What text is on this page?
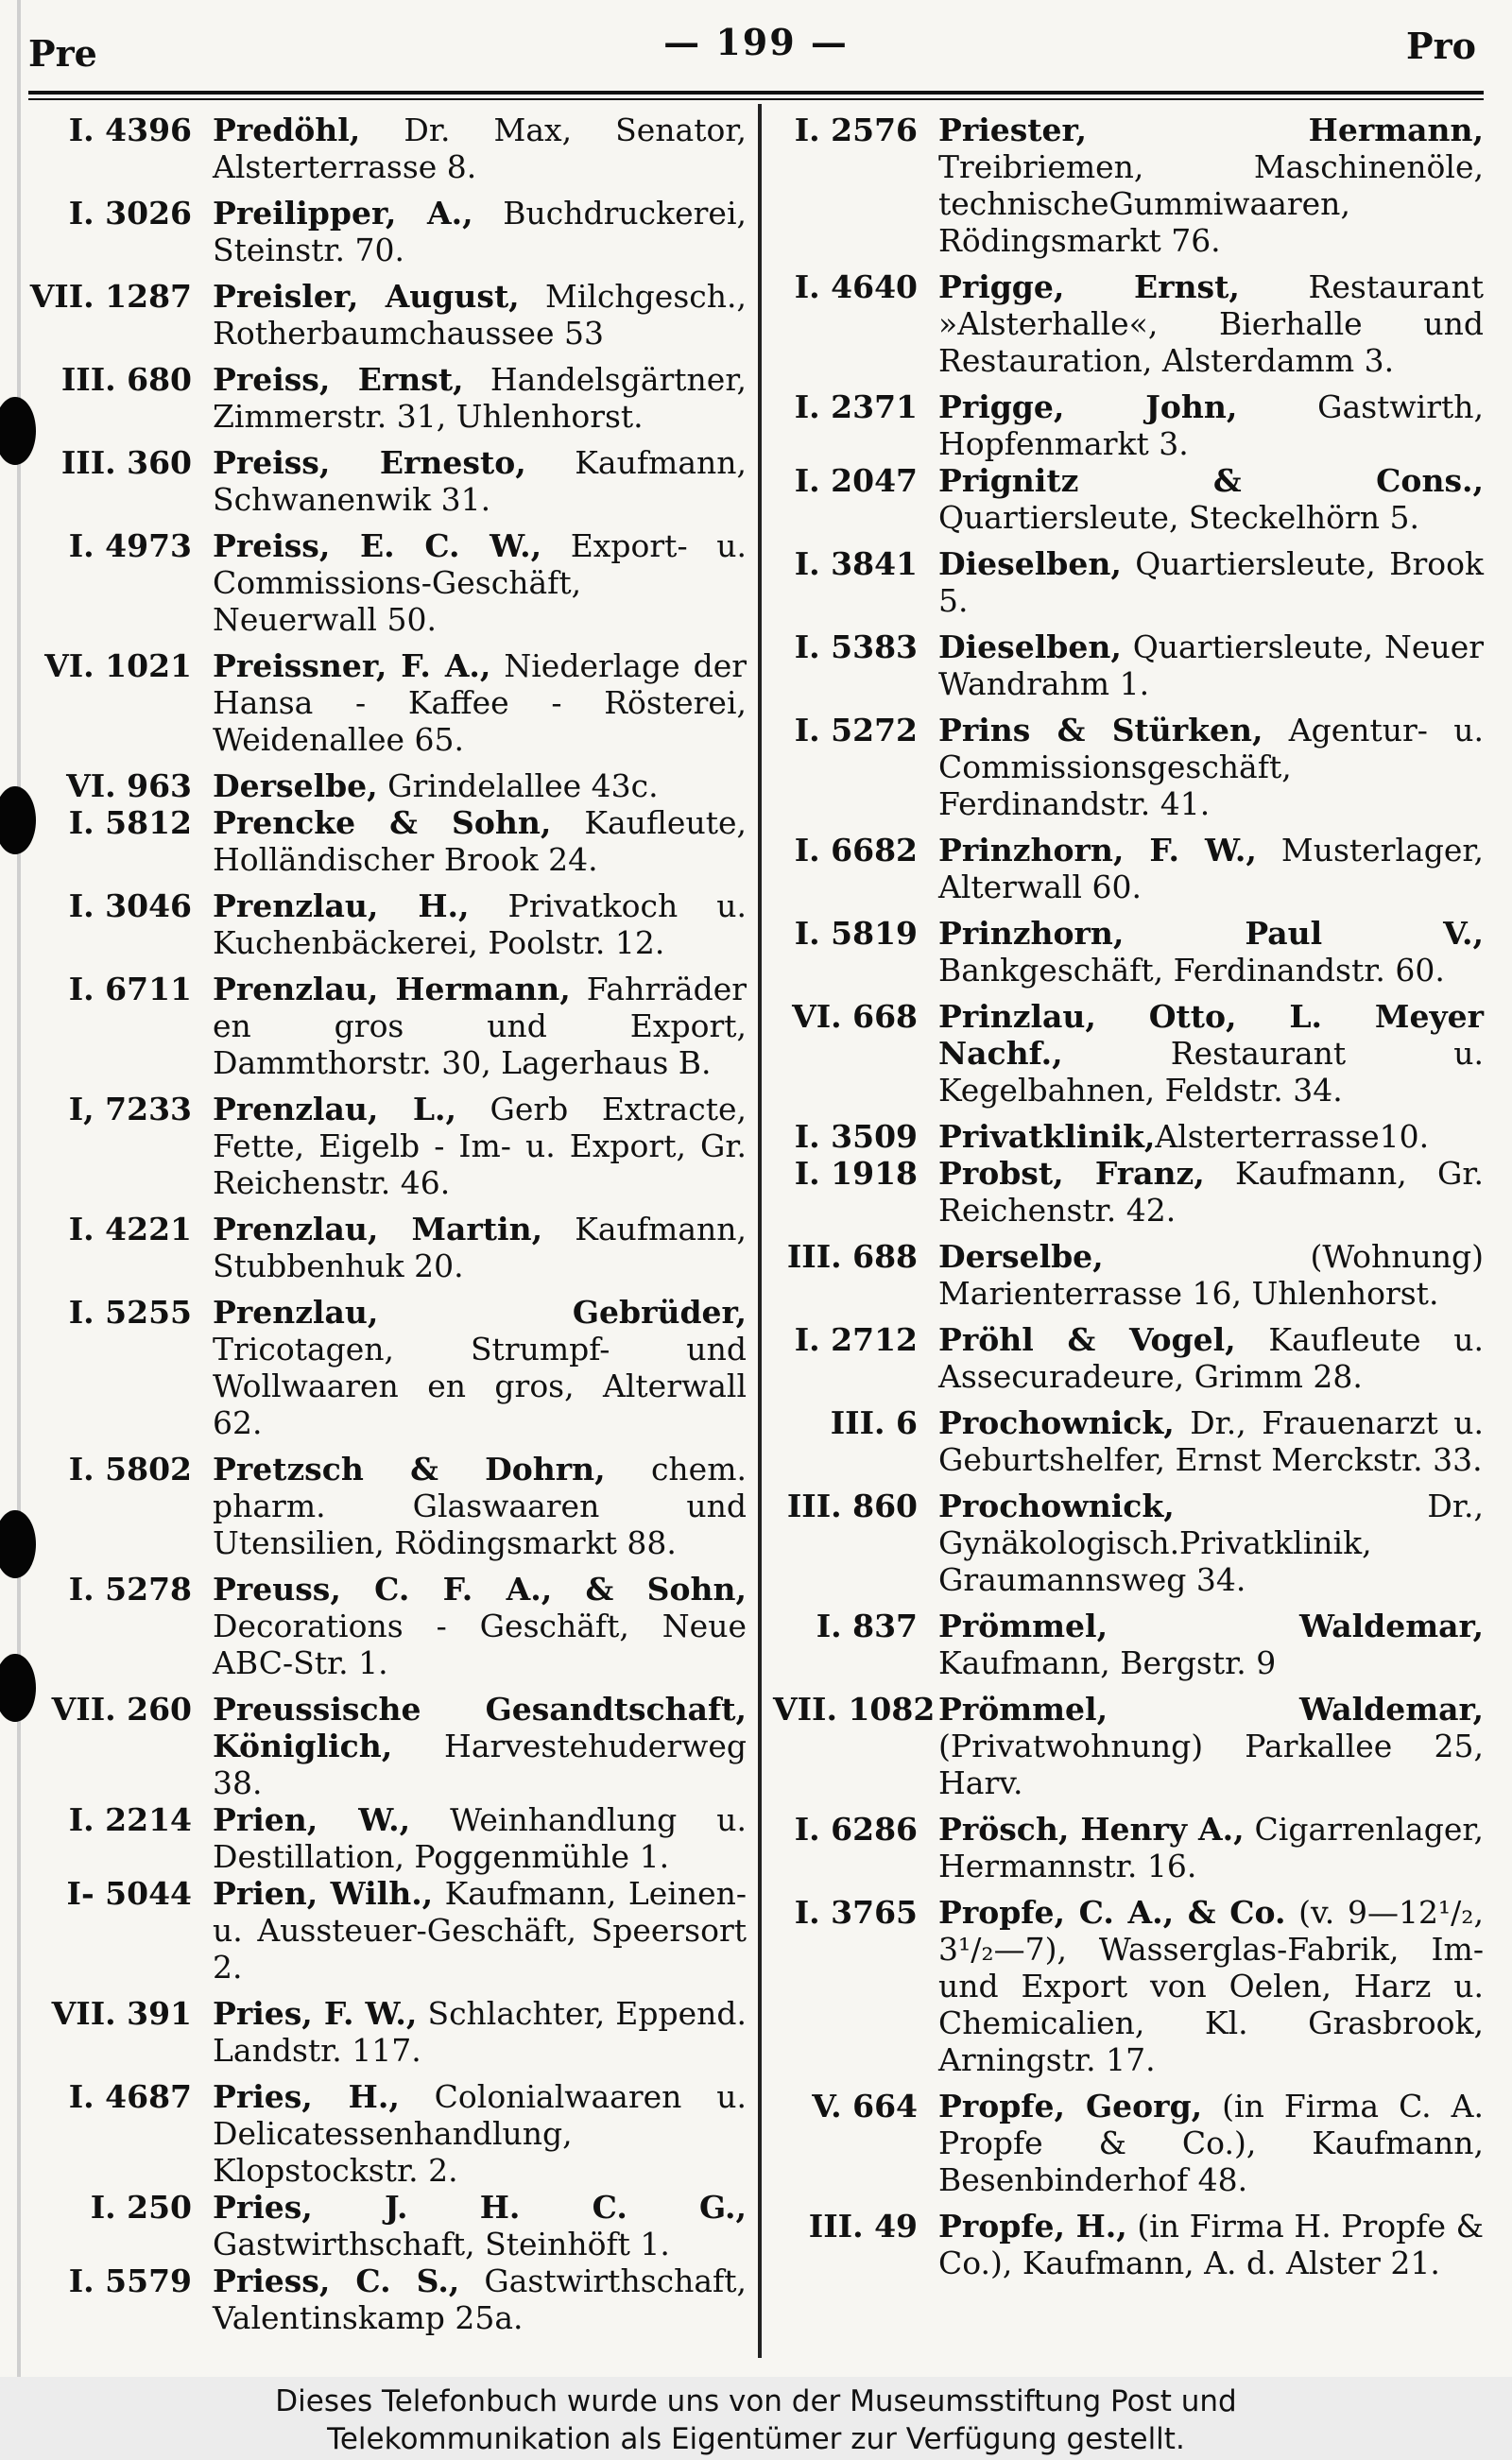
Pre	— 199 —	Pro
I. 4396 Predöhl, Dr. Max, Senator, Alsterterrasse 8.
I. 3026 Preilipper, A., Buchdruckerei, Steinstr. 70.
VII. 1287 Preisler, August, Milchgesch., Rotherbaumchaussee 53
III. 680 Preiss, Ernst, Handelsgärtner, Zimmerstr. 31, Uhlenhorst.
III. 360 Preiss, Ernesto, Kaufmann, Schwanenwik 31.
I. 4973 Preiss, E. C. W., Export- u. Commissions-Geschäft, Neuerwall 50.
VI. 1021 Preissner, F. A., Niederlage der Hansa - Kaffee - Rösterei, Weidenallee 65.
VI. 963 Derselbe, Grindelallee 43c.
I. 5812 Prencke & Sohn, Kaufleute, Holländischer Brook 24.
I. 3046 Prenzlau, H., Privatkoch u. Kuchenbäckerei, Poolstr. 12.
I. 6711 Prenzlau, Hermann, Fahrräder en gros und Export, Dammthorstr. 30, Lagerhaus B.
I, 7233 Prenzlau, L., Gerb Extracte, Fette, Eigelb - Im- u. Export, Gr. Reichenstr. 46.
I. 4221 Prenzlau, Martin, Kaufmann, Stubbenhuk 20.
I. 5255 Prenzlau, Gebrüder, Tricotagen, Strumpf- und Wollwaaren en gros, Alterwall 62.
I. 5802 Pretzsch & Dohrn, chem. pharm. Glaswaaren und Utensilien, Rödingsmarkt 88.
I. 5278 Preuss, C. F. A., & Sohn, Decorations - Geschäft, Neue ABC-Str. 1.
VII. 260 Preussische Gesandtschaft, Königlich, Harvestehuderweg 38.
I. 2214 Prien, W., Weinhandlung u. Destillation, Poggenmühle 1.
I- 5044 Prien, Wilh., Kaufmann, Leinen- u. Aussteuer-Geschäft, Speersort 2.
VII. 391 Pries, F. W., Schlachter, Eppend. Landstr. 117.
I. 4687 Pries, H., Colonialwaaren u. Delicatessenhandlung, Klopstockstr. 2.
I. 250 Pries, J. H. C. G., Gastwirthschaft, Steinhöft 1.
I. 5579 Priess, C. S., Gastwirthschaft, Valentinskamp 25a.
I. 2576 Priester, Hermann, Treibriemen, Maschinenöle, technischeGummiwaaren, Rödingsmarkt 76.
I. 4640 Prigge, Ernst, Restaurant »Alsterhalle«, Bierhalle und Restauration, Alsterdamm 3.
I. 2371 Prigge, John, Gastwirth, Hopfenmarkt 3.
I. 2047 Prignitz & Cons., Quartiersleute, Steckelhörn 5.
I. 3841 Dieselben, Quartiersleute, Brook 5.
I. 5383 Dieselben, Quartiersleute, Neuer Wandrahm 1.
I. 5272 Prins & Stürken, Agentur- u. Commissionsgeschäft, Ferdinandstr. 41.
I. 6682 Prinzhorn, F. W., Musterlager, Alterwall 60.
I. 5819 Prinzhorn, Paul V., Bankgeschäft, Ferdinandstr. 60.
VI. 668 Prinzlau, Otto, L. Meyer Nachf., Restaurant u. Kegelbahnen, Feldstr. 34.
I. 3509 Privatklinik,Alsterterrasse10.
I. 1918 Probst, Franz, Kaufmann, Gr. Reichenstr. 42.
III. 688 Derselbe, (Wohnung) Marienterrasse 16, Uhlenhorst.
I. 2712 Pröhl & Vogel, Kaufleute u. Assecuradeure, Grimm 28.
III. 6 Prochownick, Dr., Frauenarzt u. Geburtshelfer, Ernst Merckstr. 33.
III. 860 Prochownick, Dr., Gynäkologisch.Privatklinik, Graumannsweg 34.
I. 837 Prömmel, Waldemar, Kaufmann, Bergstr. 9
VII. 1082 Prömmel, Waldemar, (Privatwohnung) Parkallee 25, Harv.
I. 6286 Prösch, Henry A., Cigarrenlager, Hermannstr. 16.
I. 3765 Propfe, C. A., & Co. (v. 9—12¹/₂, 3¹/₂—7), Wasserglas-Fabrik, Im- und Export von Oelen, Harz u. Chemicalien, Kl. Grasbrook, Arningstr. 17.
V. 664 Propfe, Georg, (in Firma C. A. Propfe & Co.), Kaufmann, Besenbinderhof 48.
III. 49 Propfe, H., (in Firma H. Propfe & Co.), Kaufmann, A. d. Alster 21.
Dieses Telefonbuch wurde uns von der Museumsstiftung Post und
Telekommunikation als Eigentümer zur Verfügung gestellt.
